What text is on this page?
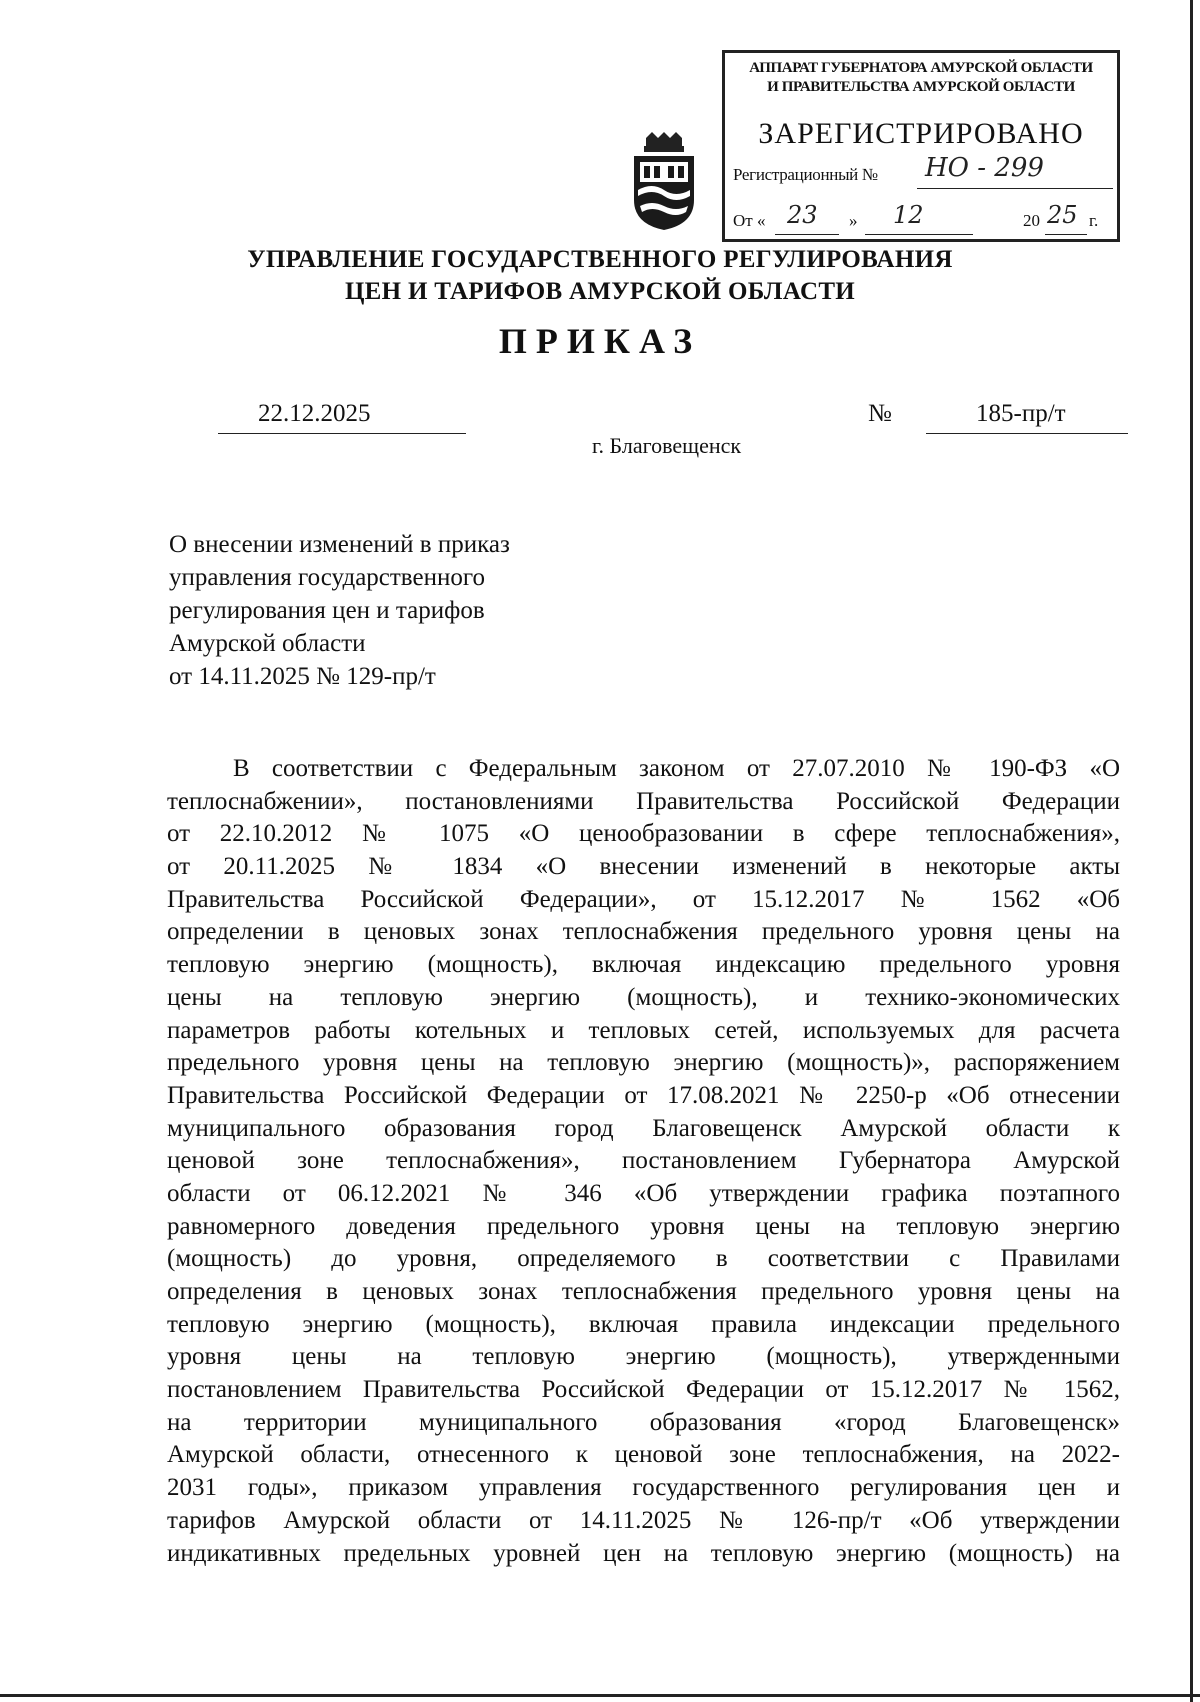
АППАРАТ ГУБЕРНАТОРА АМУРСКОЙ ОБЛАСТИ
И ПРАВИТЕЛЬСТВА АМУРСКОЙ ОБЛАСТИ
ЗАРЕГИСТРИРОВАНО
Регистрационный № НО - 299
От « 23 » 12	20 25 г.
УПРАВЛЕНИЕ ГОСУДАРСТВЕННОГО РЕГУЛИРОВАНИЯ
ЦЕН И ТАРИФОВ АМУРСКОЙ ОБЛАСТИ
ПРИКАЗ
22.12.2025	№	185-пр/т
г. Благовещенск
О внесении изменений в приказ
управления государственного
регулирования цен и тарифов
Амурской области
от 14.11.2025 № 129-пр/т
В соответствии с Федеральным законом от 27.07.2010 № 190-ФЗ «О
теплоснабжении», постановлениями Правительства Российской Федерации
от 22.10.2012 № 1075 «О ценообразовании в сфере теплоснабжения»,
от 20.11.2025 № 1834 «О внесении изменений в некоторые акты
Правительства Российской Федерации», от 15.12.2017 № 1562 «Об
определении в ценовых зонах теплоснабжения предельного уровня цены на
тепловую энергию (мощность), включая индексацию предельного уровня
цены на тепловую энергию (мощность), и технико-экономических
параметров работы котельных и тепловых сетей, используемых для расчета
предельного уровня цены на тепловую энергию (мощность)», распоряжением
Правительства Российской Федерации от 17.08.2021 № 2250-р «Об отнесении
муниципального образования город Благовещенск Амурской области к
ценовой зоне теплоснабжения», постановлением Губернатора Амурской
области от 06.12.2021 № 346 «Об утверждении графика поэтапного
равномерного доведения предельного уровня цены на тепловую энергию
(мощность) до уровня, определяемого в соответствии с Правилами
определения в ценовых зонах теплоснабжения предельного уровня цены на
тепловую энергию (мощность), включая правила индексации предельного
уровня цены на тепловую энергию (мощность), утвержденными
постановлением Правительства Российской Федерации от 15.12.2017 № 1562,
на территории муниципального образования «город Благовещенск»
Амурской области, отнесенного к ценовой зоне теплоснабжения, на 2022-
2031 годы», приказом управления государственного регулирования цен и
тарифов Амурской области от 14.11.2025 № 126-пр/т «Об утверждении
индикативных предельных уровней цен на тепловую энергию (мощность) на
